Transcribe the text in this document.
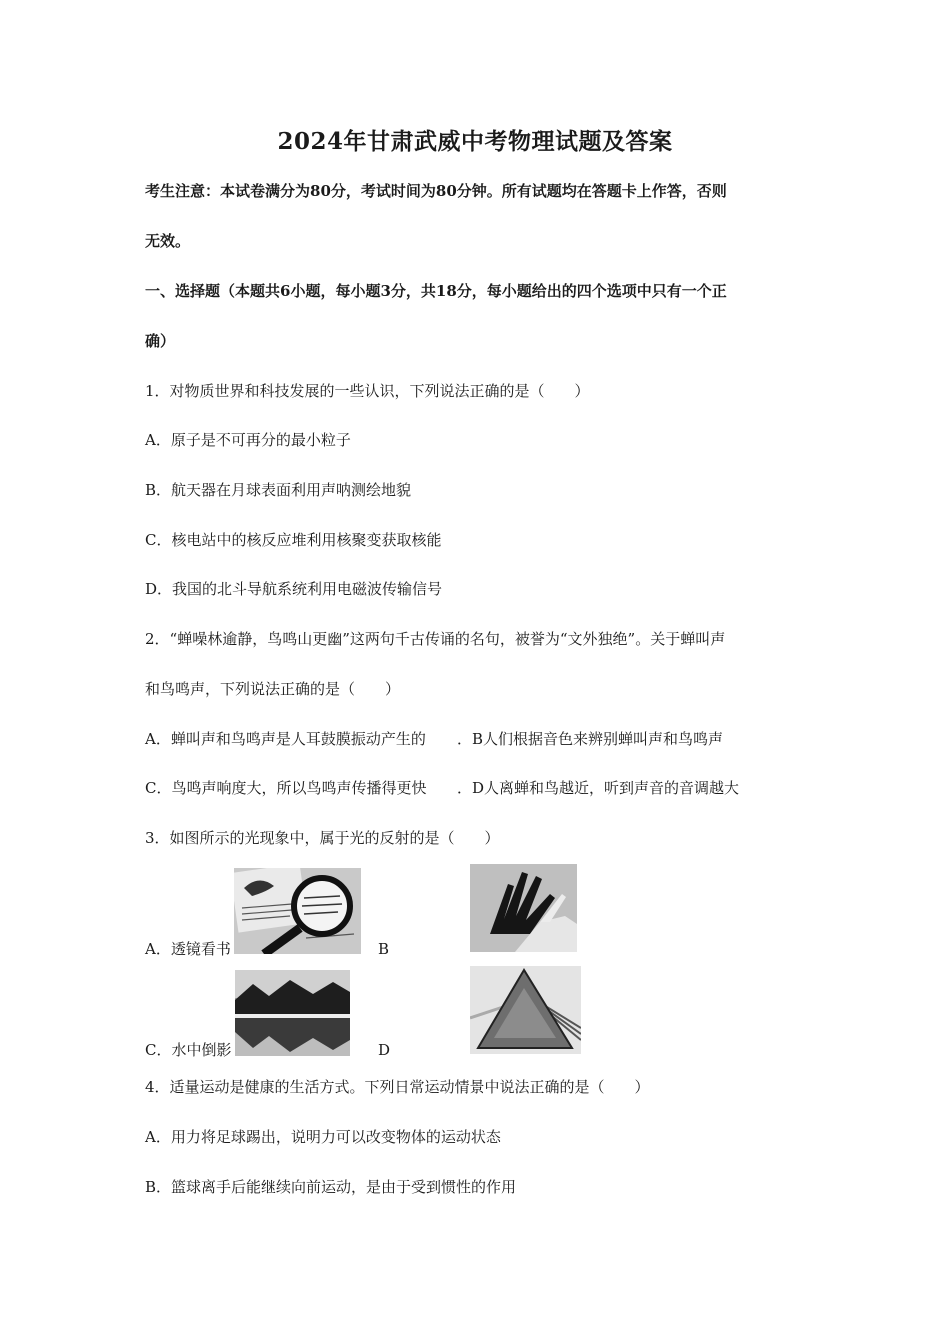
2024年甘肃武威中考物理试题及答案
考生注意：本试卷满分为80分，考试时间为80分钟。所有试题均在答题卡上作答，否则
无效。
一、选择题（本题共6小题，每小题3分，共18分，每小题给出的四个选项中只有一个正
确）
1．对物质世界和科技发展的一些认识，下列说法正确的是（　　）
A．原子是不可再分的最小粒子
B．航天器在月球表面利用声呐测绘地貌
C．核电站中的核反应堆利用核聚变获取核能
D．我国的北斗导航系统利用电磁波传输信号
2．“蝉噪林逾静，鸟鸣山更幽”这两句千古传诵的名句，被誉为“文外独绝”。关于蝉叫声
和鸟鸣声，下列说法正确的是（　　）
A．蝉叫声和鸟鸣声是人耳鼓膜振动产生的 ．B人们根据音色来辨别蝉叫声和鸟鸣声
C．鸟鸣声响度大，所以鸟鸣声传播得更快 ．D人离蝉和鸟越近，听到声音的音调越大
3．如图所示的光现象中，属于光的反射的是（　　）
A．透镜看书	B
C．水中倒影	D
4．适量运动是健康的生活方式。下列日常运动情景中说法正确的是（　　）
A．用力将足球踢出，说明力可以改变物体的运动状态
B．篮球离手后能继续向前运动，是由于受到惯性的作用
